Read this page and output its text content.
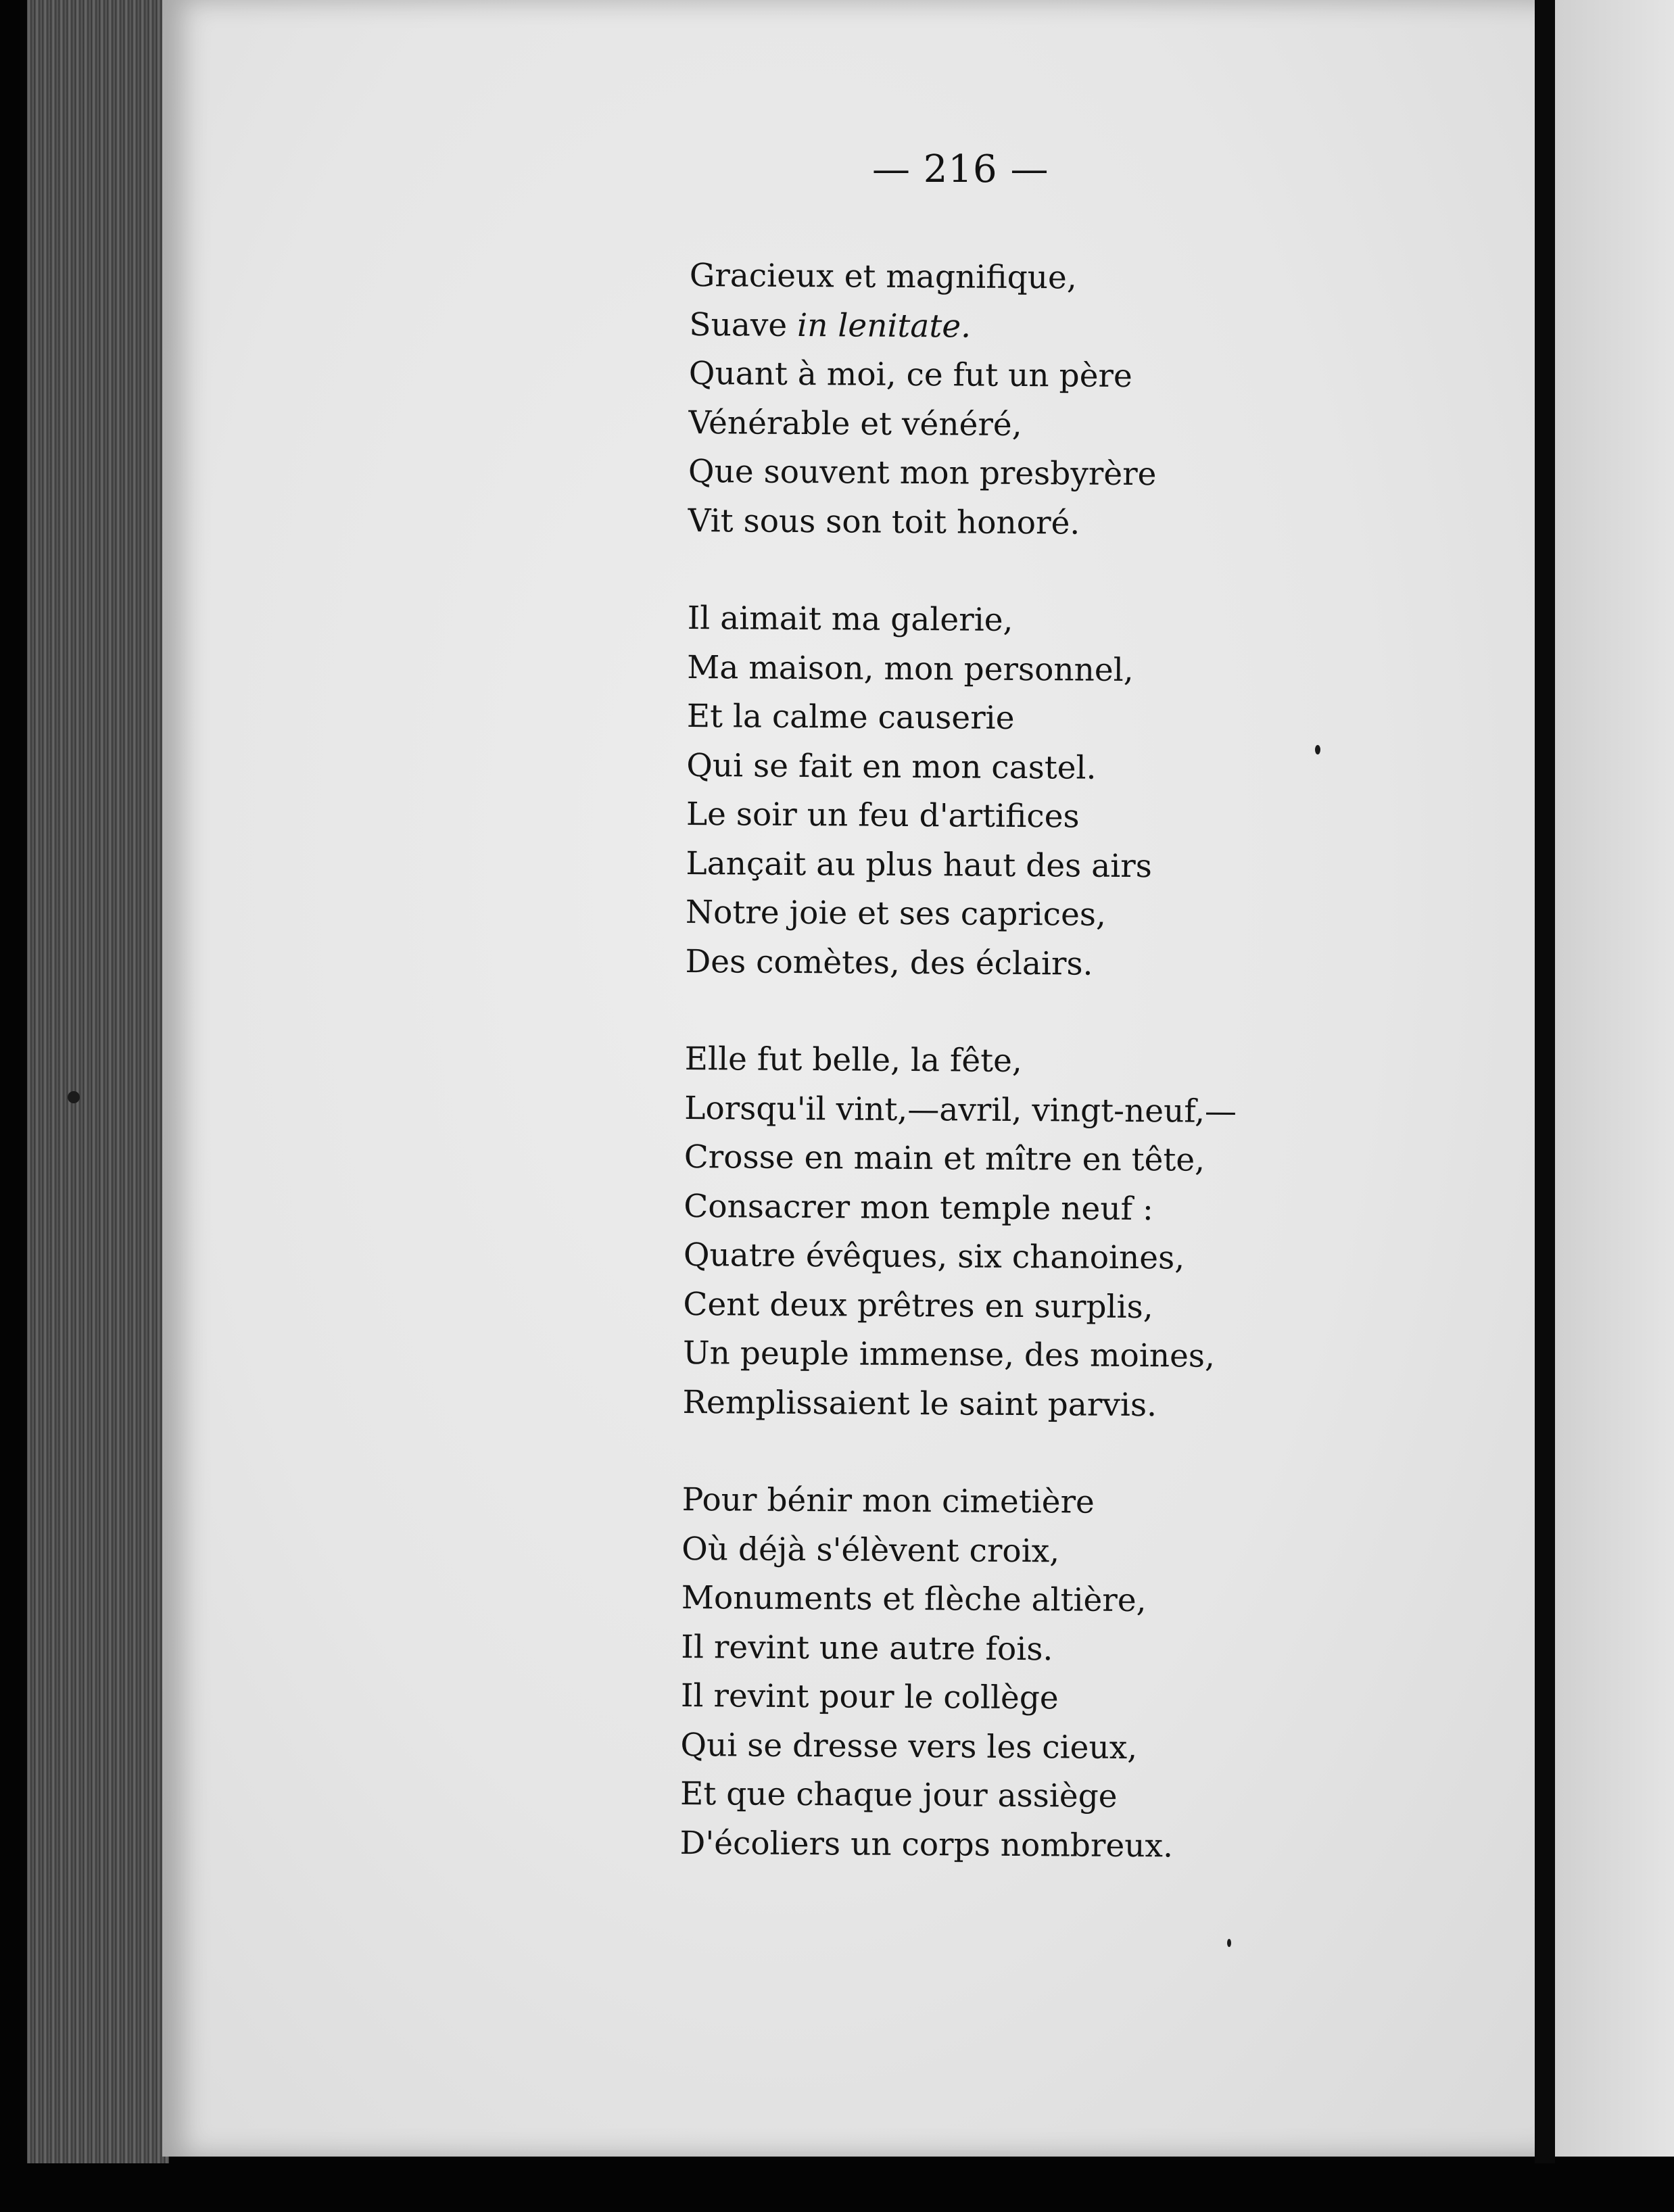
— 216 —
Gracieux et magnifique,
Suave in lenitate.
Quant à moi, ce fut un père
Vénérable et vénéré,
Que souvent mon presbyrère
Vit sous son toit honoré.
Il aimait ma galerie,
Ma maison, mon personnel,
Et la calme causerie
Qui se fait en mon castel.
Le soir un feu d'artifices
Lançait au plus haut des airs
Notre joie et ses caprices,
Des comètes, des éclairs.
Elle fut belle, la fête,
Lorsqu'il vint,—avril, vingt-neuf,—
Crosse en main et mître en tête,
Consacrer mon temple neuf :
Quatre évêques, six chanoines,
Cent deux prêtres en surplis,
Un peuple immense, des moines,
Remplissaient le saint parvis.
Pour bénir mon cimetière
Où déjà s'élèvent croix,
Monuments et flèche altière,
Il revint une autre fois.
Il revint pour le collège
Qui se dresse vers les cieux,
Et que chaque jour assiège
D'écoliers un corps nombreux.
